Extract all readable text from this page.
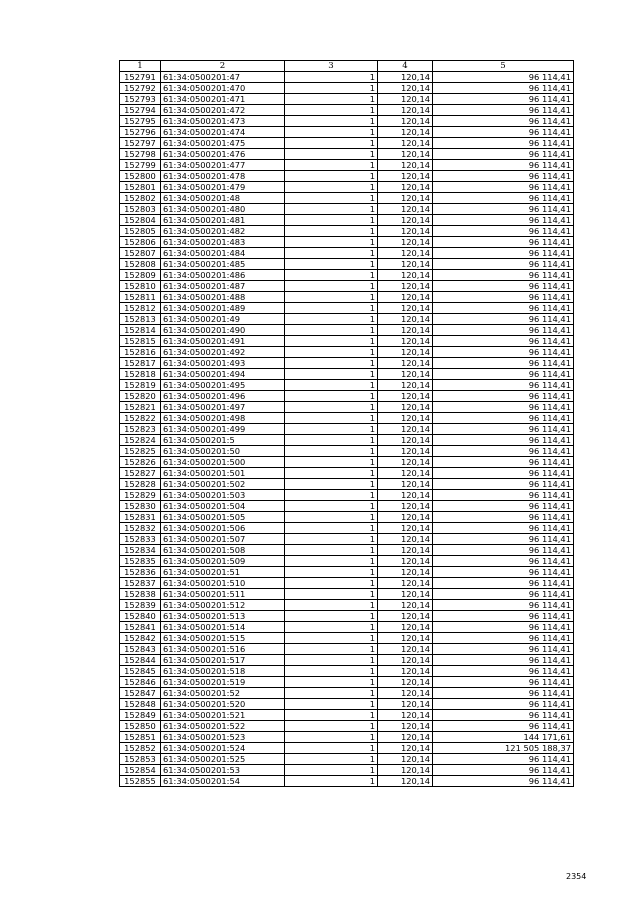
1	2	3	4	5
152791	61:34:0500201:47	1	120,14	96 114,41
152792	61:34:0500201:470	1	120,14	96 114,41
152793	61:34:0500201:471	1	120,14	96 114,41
152794	61:34:0500201:472	1	120,14	96 114,41
152795	61:34:0500201:473	1	120,14	96 114,41
152796	61:34:0500201:474	1	120,14	96 114,41
152797	61:34:0500201:475	1	120,14	96 114,41
152798	61:34:0500201:476	1	120,14	96 114,41
152799	61:34:0500201:477	1	120,14	96 114,41
152800	61:34:0500201:478	1	120,14	96 114,41
152801	61:34:0500201:479	1	120,14	96 114,41
152802	61:34:0500201:48	1	120,14	96 114,41
152803	61:34:0500201:480	1	120,14	96 114,41
152804	61:34:0500201:481	1	120,14	96 114,41
152805	61:34:0500201:482	1	120,14	96 114,41
152806	61:34:0500201:483	1	120,14	96 114,41
152807	61:34:0500201:484	1	120,14	96 114,41
152808	61:34:0500201:485	1	120,14	96 114,41
152809	61:34:0500201:486	1	120,14	96 114,41
152810	61:34:0500201:487	1	120,14	96 114,41
152811	61:34:0500201:488	1	120,14	96 114,41
152812	61:34:0500201:489	1	120,14	96 114,41
152813	61:34:0500201:49	1	120,14	96 114,41
152814	61:34:0500201:490	1	120,14	96 114,41
152815	61:34:0500201:491	1	120,14	96 114,41
152816	61:34:0500201:492	1	120,14	96 114,41
152817	61:34:0500201:493	1	120,14	96 114,41
152818	61:34:0500201:494	1	120,14	96 114,41
152819	61:34:0500201:495	1	120,14	96 114,41
152820	61:34:0500201:496	1	120,14	96 114,41
152821	61:34:0500201:497	1	120,14	96 114,41
152822	61:34:0500201:498	1	120,14	96 114,41
152823	61:34:0500201:499	1	120,14	96 114,41
152824	61:34:0500201:5	1	120,14	96 114,41
152825	61:34:0500201:50	1	120,14	96 114,41
152826	61:34:0500201:500	1	120,14	96 114,41
152827	61:34:0500201:501	1	120,14	96 114,41
152828	61:34:0500201:502	1	120,14	96 114,41
152829	61:34:0500201:503	1	120,14	96 114,41
152830	61:34:0500201:504	1	120,14	96 114,41
152831	61:34:0500201:505	1	120,14	96 114,41
152832	61:34:0500201:506	1	120,14	96 114,41
152833	61:34:0500201:507	1	120,14	96 114,41
152834	61:34:0500201:508	1	120,14	96 114,41
152835	61:34:0500201:509	1	120,14	96 114,41
152836	61:34:0500201:51	1	120,14	96 114,41
152837	61:34:0500201:510	1	120,14	96 114,41
152838	61:34:0500201:511	1	120,14	96 114,41
152839	61:34:0500201:512	1	120,14	96 114,41
152840	61:34:0500201:513	1	120,14	96 114,41
152841	61:34:0500201:514	1	120,14	96 114,41
152842	61:34:0500201:515	1	120,14	96 114,41
152843	61:34:0500201:516	1	120,14	96 114,41
152844	61:34:0500201:517	1	120,14	96 114,41
152845	61:34:0500201:518	1	120,14	96 114,41
152846	61:34:0500201:519	1	120,14	96 114,41
152847	61:34:0500201:52	1	120,14	96 114,41
152848	61:34:0500201:520	1	120,14	96 114,41
152849	61:34:0500201:521	1	120,14	96 114,41
152850	61:34:0500201:522	1	120,14	96 114,41
152851	61:34:0500201:523	1	120,14	144 171,61
152852	61:34:0500201:524	1	120,14	121 505 188,37
152853	61:34:0500201:525	1	120,14	96 114,41
152854	61:34:0500201:53	1	120,14	96 114,41
152855	61:34:0500201:54	1	120,14	96 114,41
2354
